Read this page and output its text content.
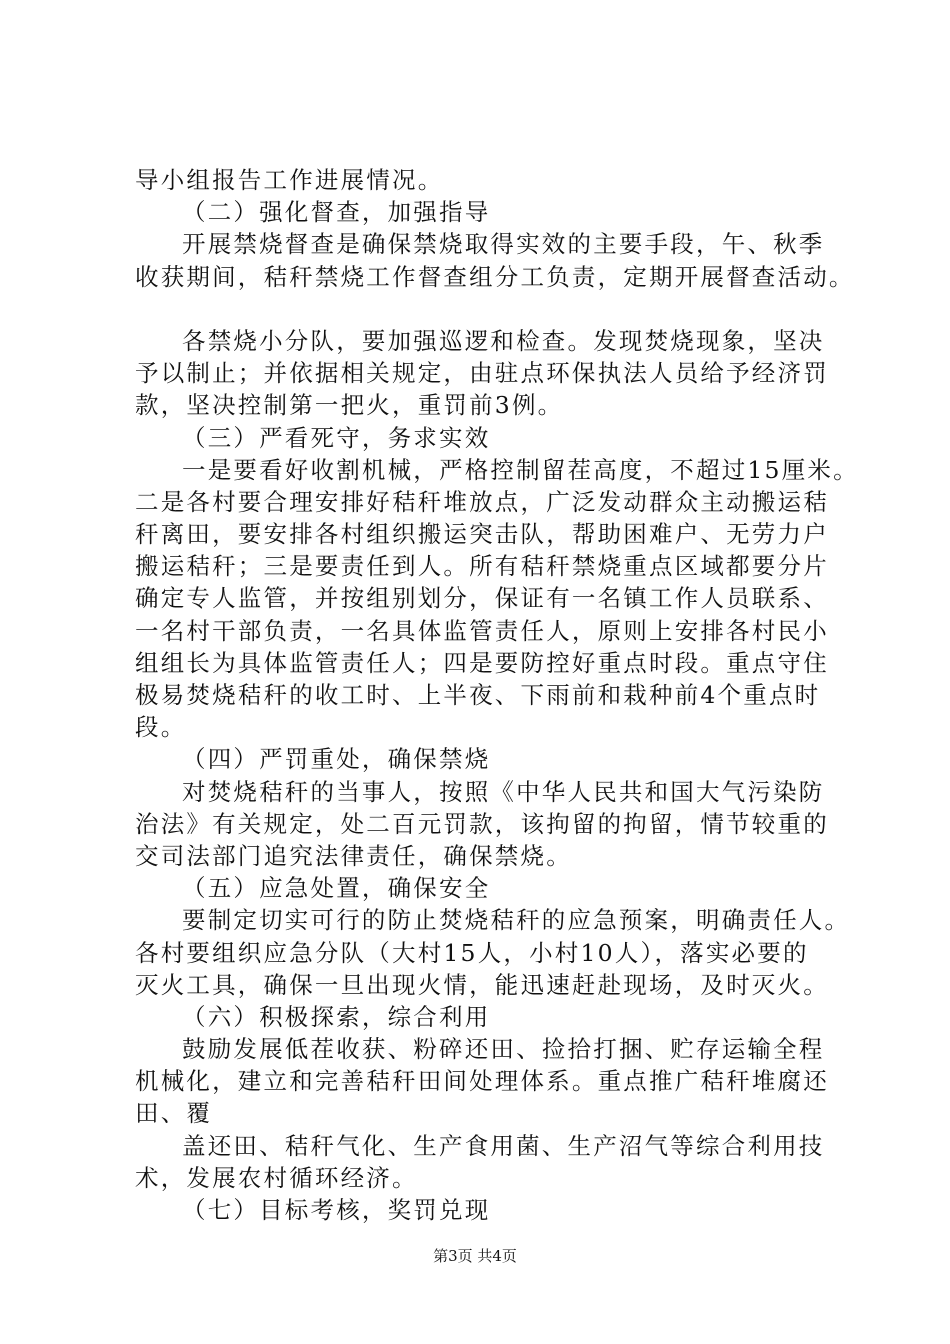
导小组报告工作进展情况。
（二）强化督查，加强指导
开展禁烧督查是确保禁烧取得实效的主要手段，午、秋季
收获期间，秸秆禁烧工作督查组分工负责，定期开展督查活动。
各禁烧小分队，要加强巡逻和检查。发现焚烧现象，坚决
予以制止；并依据相关规定，由驻点环保执法人员给予经济罚
款，坚决控制第一把火，重罚前3例。
（三）严看死守，务求实效
一是要看好收割机械，严格控制留茬高度，不超过15厘米。
二是各村要合理安排好秸秆堆放点，广泛发动群众主动搬运秸
秆离田，要安排各村组织搬运突击队，帮助困难户、无劳力户
搬运秸秆；三是要责任到人。所有秸秆禁烧重点区域都要分片
确定专人监管，并按组别划分，保证有一名镇工作人员联系、
一名村干部负责，一名具体监管责任人，原则上安排各村民小
组组长为具体监管责任人；四是要防控好重点时段。重点守住
极易焚烧秸秆的收工时、上半夜、下雨前和栽种前4个重点时
段。
（四）严罚重处，确保禁烧
对焚烧秸秆的当事人，按照《中华人民共和国大气污染防
治法》有关规定，处二百元罚款，该拘留的拘留，情节较重的
交司法部门追究法律责任，确保禁烧。
（五）应急处置，确保安全
要制定切实可行的防止焚烧秸秆的应急预案，明确责任人。
各村要组织应急分队（大村15人，小村10人），落实必要的
灭火工具，确保一旦出现火情，能迅速赶赴现场，及时灭火。
（六）积极探索，综合利用
鼓励发展低茬收获、粉碎还田、捡拾打捆、贮存运输全程
机械化，建立和完善秸秆田间处理体系。重点推广秸秆堆腐还
田、覆
盖还田、秸秆气化、生产食用菌、生产沼气等综合利用技
术，发展农村循环经济。
（七）目标考核，奖罚兑现
第3页 共4页
